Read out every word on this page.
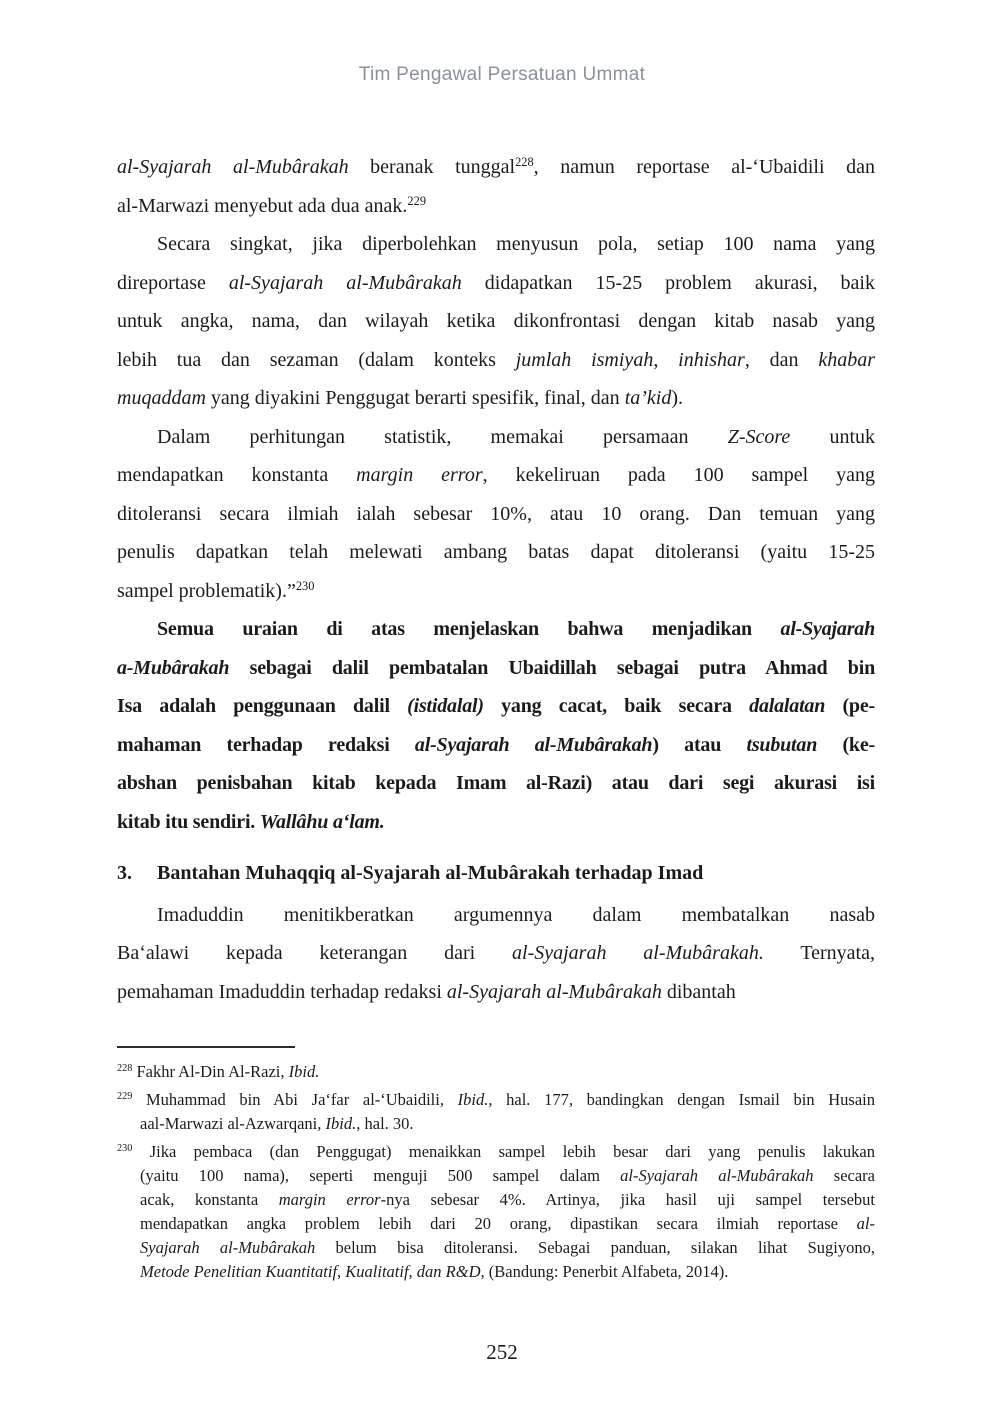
Tim Pengawal Persatuan Ummat
al-Syajarah al-Mubârakah beranak tunggal$^{228}$, namun reportase al-‘Ubaidili dan
al-Marwazi menyebut ada dua anak.$^{229}$
Secara singkat, jika diperbolehkan menyusun pola, setiap 100 nama yang
direportase al-Syajarah al-Mubârakah didapatkan 15-25 problem akurasi, baik
untuk angka, nama, dan wilayah ketika dikonfrontasi dengan kitab nasab yang
lebih tua dan sezaman (dalam konteks jumlah ismiyah, inhishar, dan khabar
muqaddam yang diyakini Penggugat berarti spesifik, final, dan ta’kid).
Dalam perhitungan statistik, memakai persamaan Z-Score untuk
mendapatkan konstanta margin error, kekeliruan pada 100 sampel yang
ditoleransi secara ilmiah ialah sebesar 10%, atau 10 orang. Dan temuan yang
penulis dapatkan telah melewati ambang batas dapat ditoleransi (yaitu 15-25
sampel problematik).”$^{230}$
Semua uraian di atas menjelaskan bahwa menjadikan al-Syajarah
a-Mubârakah sebagai dalil pembatalan Ubaidillah sebagai putra Ahmad bin
Isa adalah penggunaan dalil (istidalal) yang cacat, baik secara dalalatan (pe-
mahaman terhadap redaksi al-Syajarah al-Mubârakah) atau tsubutan (ke-
abshan penisbahan kitab kepada Imam al-Razi) atau dari segi akurasi isi
kitab itu sendiri. Wallâhu a‘lam.
3. Bantahan Muhaqqiq al-Syajarah al-Mubârakah terhadap Imad
Imaduddin menitikberatkan argumennya dalam membatalkan nasab
Ba‘alawi kepada keterangan dari al-Syajarah al-Mubârakah. Ternyata,
pemahaman Imaduddin terhadap redaksi al-Syajarah al-Mubârakah dibantah
$^{228}$ Fakhr Al-Din Al-Razi, Ibid.
$^{229}$ Muhammad bin Abi Ja‘far al-‘Ubaidili, Ibid., hal. 177, bandingkan dengan Ismail bin Husain
aal-Marwazi al-Azwarqani, Ibid., hal. 30.
$^{230}$ Jika pembaca (dan Penggugat) menaikkan sampel lebih besar dari yang penulis lakukan
(yaitu 100 nama), seperti menguji 500 sampel dalam al-Syajarah al-Mubârakah secara
acak, konstanta margin error-nya sebesar 4%. Artinya, jika hasil uji sampel tersebut
mendapatkan angka problem lebih dari 20 orang, dipastikan secara ilmiah reportase al-
Syajarah al-Mubârakah belum bisa ditoleransi. Sebagai panduan, silakan lihat Sugiyono,
Metode Penelitian Kuantitatif, Kualitatif, dan R&D, (Bandung: Penerbit Alfabeta, 2014).
252
